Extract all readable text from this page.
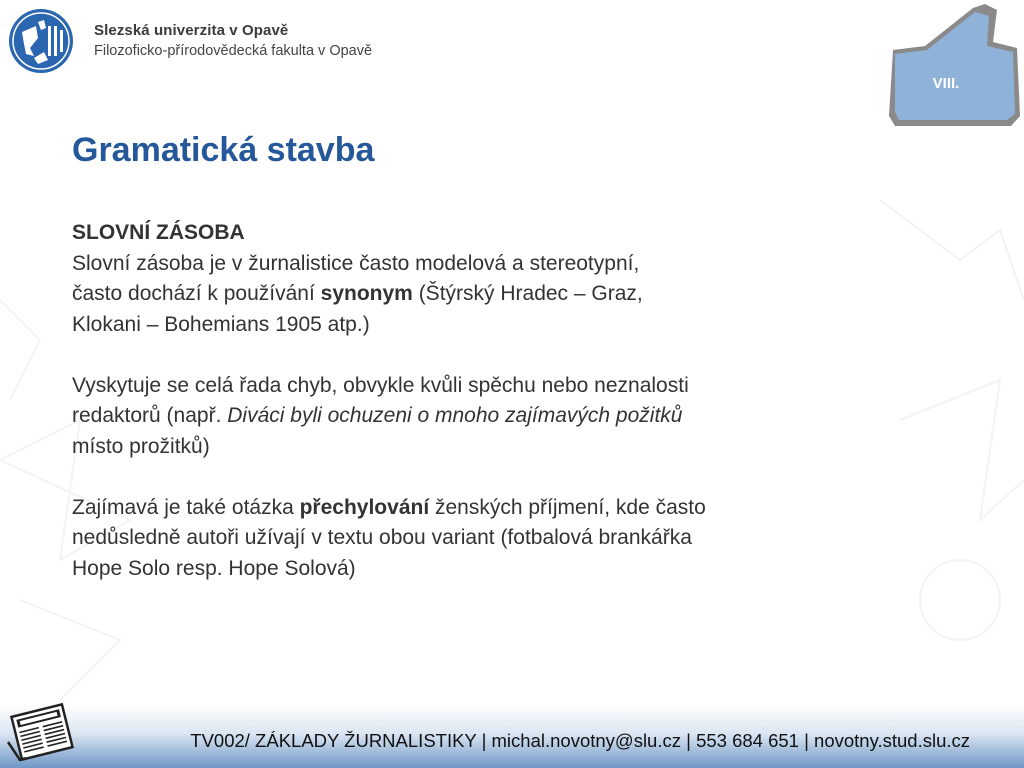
Slezská univerzita v Opavě
Filozoficko-přírodovědecká fakulta v Opavě
VIII.
Gramatická stavba

SLOVNÍ ZÁSOBA

Slovní zásoba je v žurnalistice často modelová a stereotypní,

často dochází k používání synonym (Štýrský Hradec – Graz,

Klokani – Bohemians 1905 atp.)

Vyskytuje se celá řada chyb, obvykle kvůli spěchu nebo neznalosti

redaktorů (např. Diváci byli ochuzeni o mnoho zajímavých požitků

místo prožitků)

Zajímavá je také otázka přechylování ženských příjmení, kde často

nedůsledně autoři užívají v textu obou variant (fotbalová brankářka

Hope Solo resp. Hope Solová)

TV002/ ZÁKLADY ŽURNALISTIKY | michal.novotny@slu.cz | 553 684 651 | novotny.stud.slu.cz
